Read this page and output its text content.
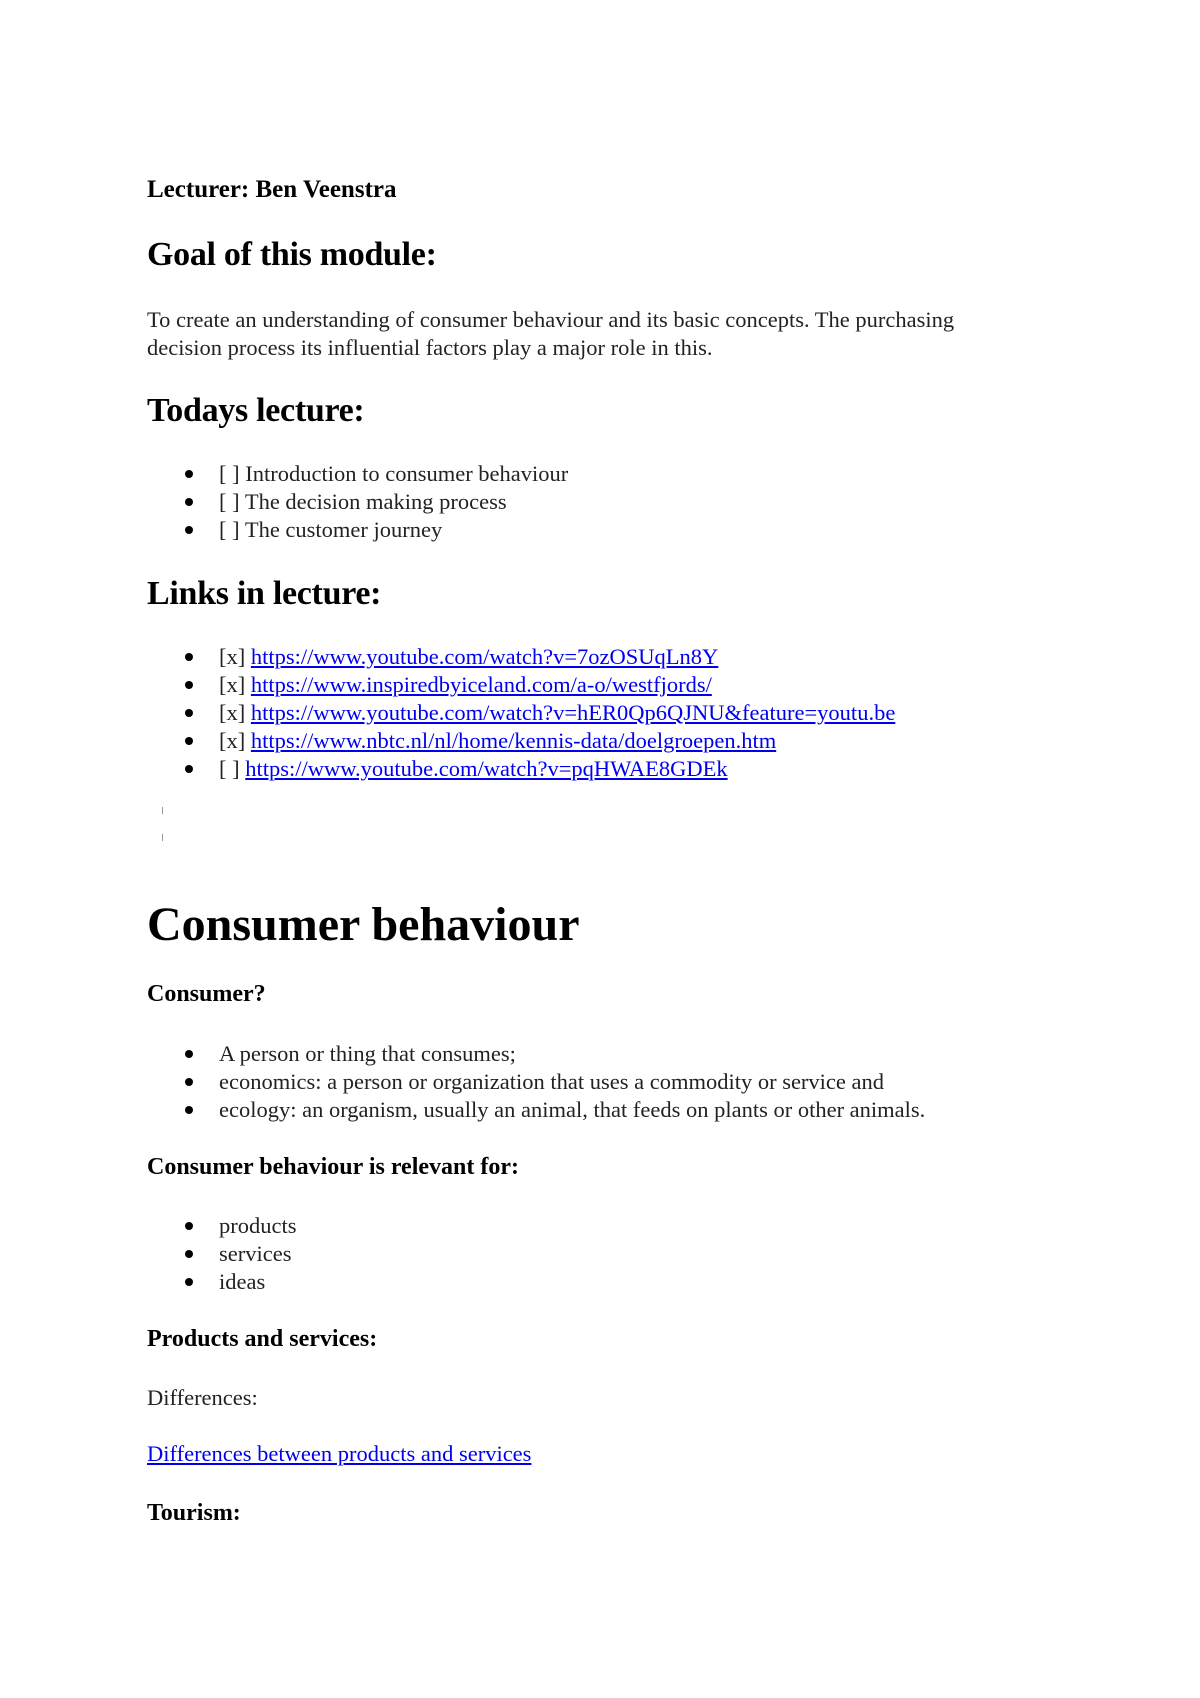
Lecturer: Ben Veenstra
Goal of this module:
To create an understanding of consumer behaviour and its basic concepts. The purchasing
decision process its influential factors play a major role in this.
Todays lecture:
[ ] Introduction to consumer behaviour
[ ] The decision making process
[ ] The customer journey
Links in lecture:
[x] https://www.youtube.com/watch?v=7ozOSUqLn8Y
[x] https://www.inspiredbyiceland.com/a-o/westfjords/
[x] https://www.youtube.com/watch?v=hER0Qp6QJNU&feature=youtu.be
[x] https://www.nbtc.nl/nl/home/kennis-data/doelgroepen.htm
[ ] https://www.youtube.com/watch?v=pqHWAE8GDEk
Consumer behaviour
Consumer?
A person or thing that consumes;
economics: a person or organization that uses a commodity or service and
ecology: an organism, usually an animal, that feeds on plants or other animals.
Consumer behaviour is relevant for:
products
services
ideas
Products and services:
Differences:
Differences between products and services
Tourism:
